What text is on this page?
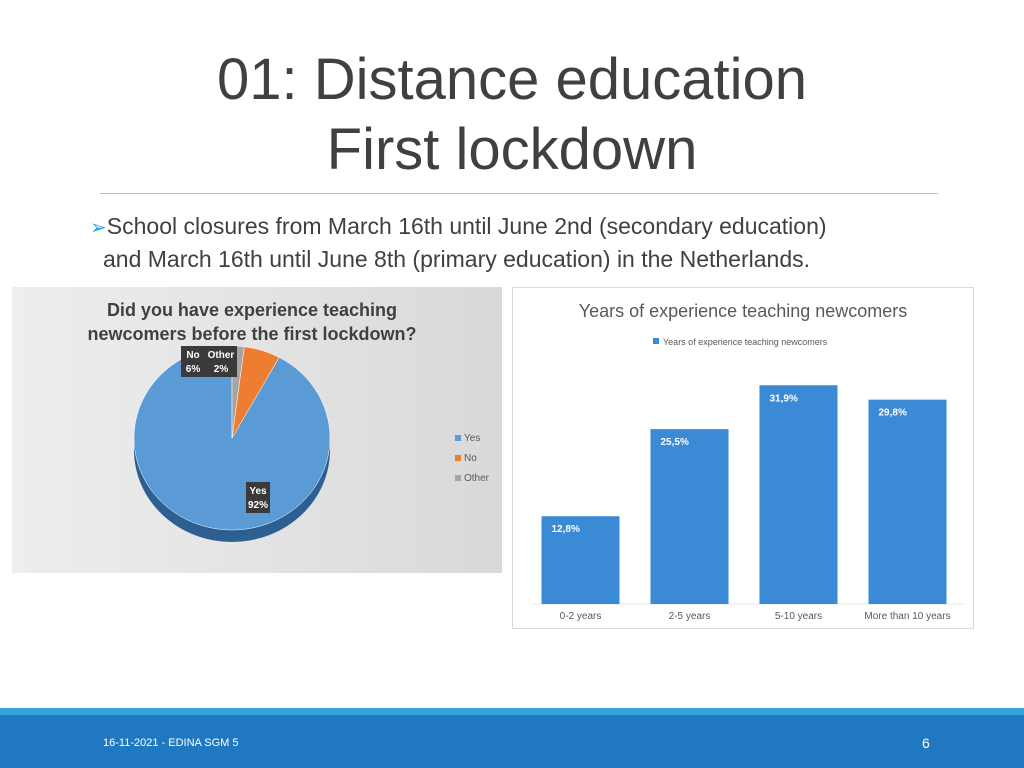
01: Distance education
First lockdown
➢School closures from March 16th until June 2nd (secondary education)
and March 16th until June 8th (primary education) in the Netherlands.
Did you have experience teaching
newcomers before the first lockdown?
Yes
92%
No
6%
Other
2%
Yes
No
Other
Years of experience teaching newcomers
Years of experience teaching newcomers
12,8%
0-2 years
25,5%
2-5 years
31,9%
5-10 years
29,8%
More than 10 years
16-11-2021 - EDINA SGM 5	6
